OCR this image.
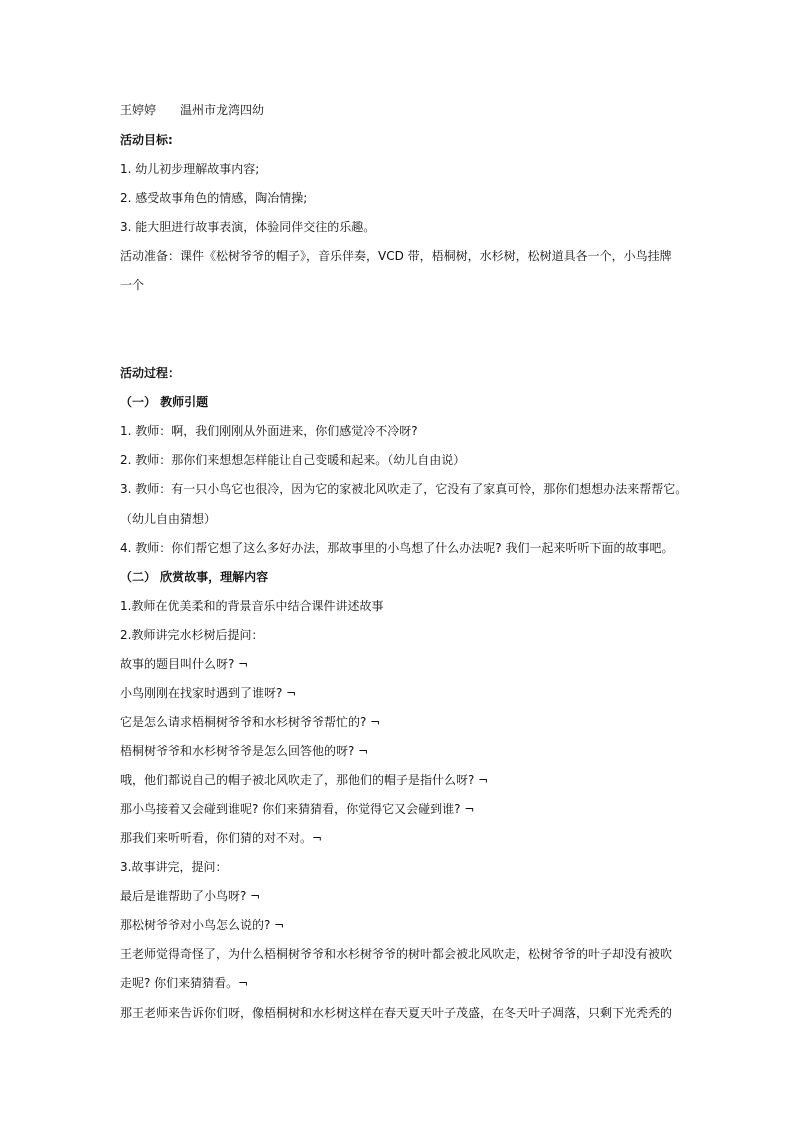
王婷婷 温州市龙湾四幼
活动目标:
1. 幼儿初步理解故事内容;
2. 感受故事角色的情感，陶冶情操;
3. 能大胆进行故事表演，体验同伴交往的乐趣。
活动准备：课件《松树爷爷的帽子》，音乐伴奏，VCD 带，梧桐树，水杉树，松树道具各一个，小鸟挂牌
一个
活动过程：
（一） 教师引题
1. 教师：啊，我们刚刚从外面进来，你们感觉冷不冷呀?
2. 教师：那你们来想想怎样能让自己变暖和起来。（幼儿自由说）
3. 教师：有一只小鸟它也很冷，因为它的家被北风吹走了，它没有了家真可怜，那你们想想办法来帮帮它。
（幼儿自由猜想）
4. 教师：你们帮它想了这么多好办法，那故事里的小鸟想了什么办法呢? 我们一起来听听下面的故事吧。
（二） 欣赏故事，理解内容
1.教师在优美柔和的背景音乐中结合课件讲述故事
2.教师讲完水杉树后提问：
故事的题目叫什么呀? ¬
小鸟刚刚在找家时遇到了谁呀? ¬
它是怎么请求梧桐树爷爷和水杉树爷爷帮忙的? ¬
梧桐树爷爷和水杉树爷爷是怎么回答他的呀? ¬
哦，他们都说自己的帽子被北风吹走了，那他们的帽子是指什么呀? ¬
那小鸟接着又会碰到谁呢? 你们来猜猜看，你觉得它又会碰到谁? ¬
那我们来听听看，你们猜的对不对。¬
3.故事讲完，提问：
最后是谁帮助了小鸟呀? ¬
那松树爷爷对小鸟怎么说的? ¬
王老师觉得奇怪了，为什么梧桐树爷爷和水杉树爷爷的树叶都会被北风吹走，松树爷爷的叶子却没有被吹
走呢? 你们来猜猜看。¬
那王老师来告诉你们呀，像梧桐树和水杉树这样在春天夏天叶子茂盛，在冬天叶子凋落，只剩下光秃秃的
